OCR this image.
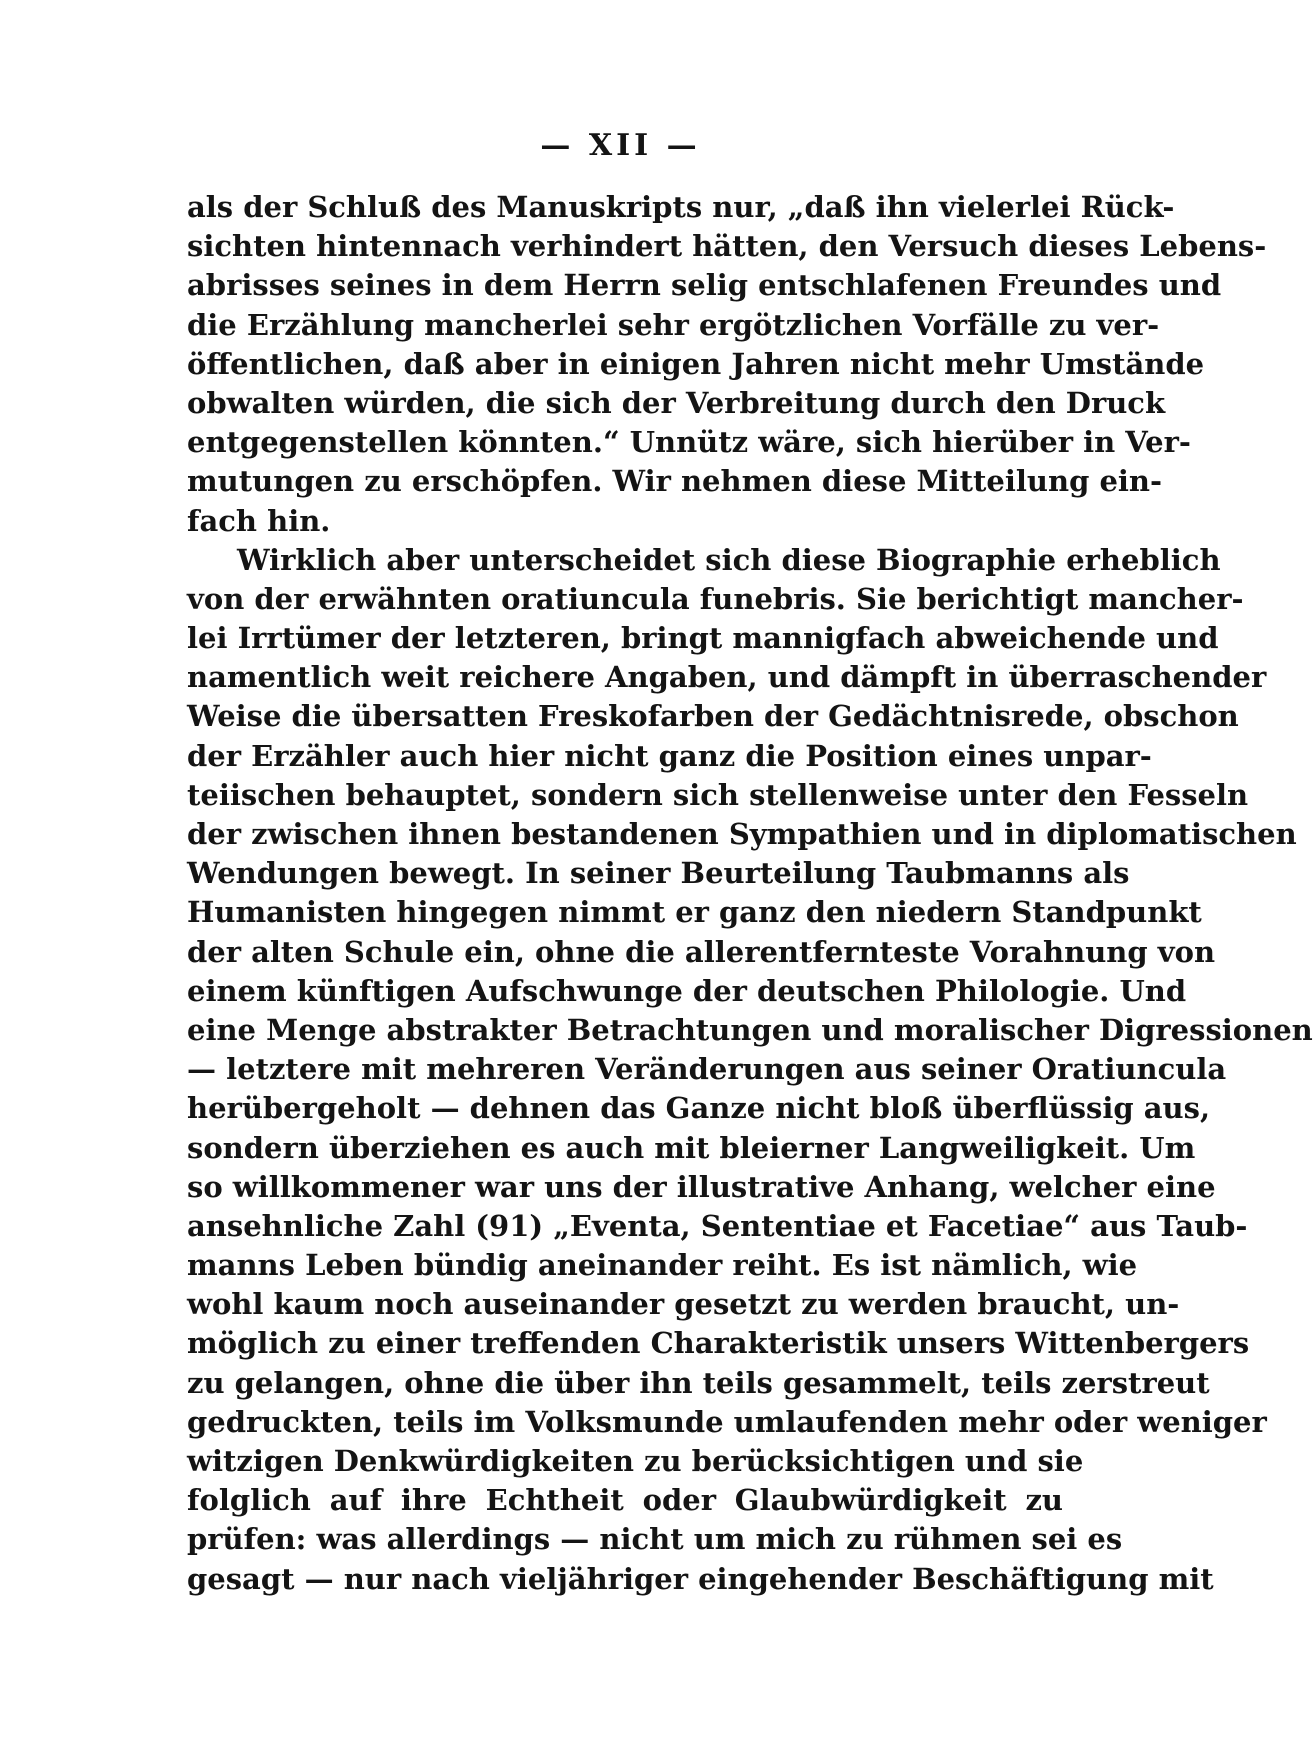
— XII —
als der Schluß des Manuskripts nur, „daß ihn vielerlei Rück-
sichten hintennach verhindert hätten, den Versuch dieses Lebens-
abrisses seines in dem Herrn selig entschlafenen Freundes und
die Erzählung mancherlei sehr ergötzlichen Vorfälle zu ver-
öffentlichen, daß aber in einigen Jahren nicht mehr Umstände
obwalten würden, die sich der Verbreitung durch den Druck
entgegenstellen könnten.“ Unnütz wäre, sich hierüber in Ver-
mutungen zu erschöpfen. Wir nehmen diese Mitteilung ein-
fach hin.
Wirklich aber unterscheidet sich diese Biographie erheblich
von der erwähnten oratiuncula funebris. Sie berichtigt mancher-
lei Irrtümer der letzteren, bringt mannigfach abweichende und
namentlich weit reichere Angaben, und dämpft in überraschender
Weise die übersatten Freskofarben der Gedächtnisrede, obschon
der Erzähler auch hier nicht ganz die Position eines unpar-
teiischen behauptet, sondern sich stellenweise unter den Fesseln
der zwischen ihnen bestandenen Sympathien und in diplomatischen
Wendungen bewegt. In seiner Beurteilung Taubmanns als
Humanisten hingegen nimmt er ganz den niedern Standpunkt
der alten Schule ein, ohne die allerentfernteste Vorahnung von
einem künftigen Aufschwunge der deutschen Philologie. Und
eine Menge abstrakter Betrachtungen und moralischer Digressionen
— letztere mit mehreren Veränderungen aus seiner Oratiuncula
herübergeholt — dehnen das Ganze nicht bloß überflüssig aus,
sondern überziehen es auch mit bleierner Langweiligkeit. Um
so willkommener war uns der illustrative Anhang, welcher eine
ansehnliche Zahl (91) „Eventa, Sententiae et Facetiae“ aus Taub-
manns Leben bündig aneinander reiht. Es ist nämlich, wie
wohl kaum noch auseinander gesetzt zu werden braucht, un-
möglich zu einer treffenden Charakteristik unsers Wittenbergers
zu gelangen, ohne die über ihn teils gesammelt, teils zerstreut
gedruckten, teils im Volksmunde umlaufenden mehr oder weniger
witzigen Denkwürdigkeiten zu berücksichtigen und sie
folglich auf ihre Echtheit oder Glaubwürdigkeit zu
prüfen: was allerdings — nicht um mich zu rühmen sei es
gesagt — nur nach vieljähriger eingehender Beschäftigung mit
